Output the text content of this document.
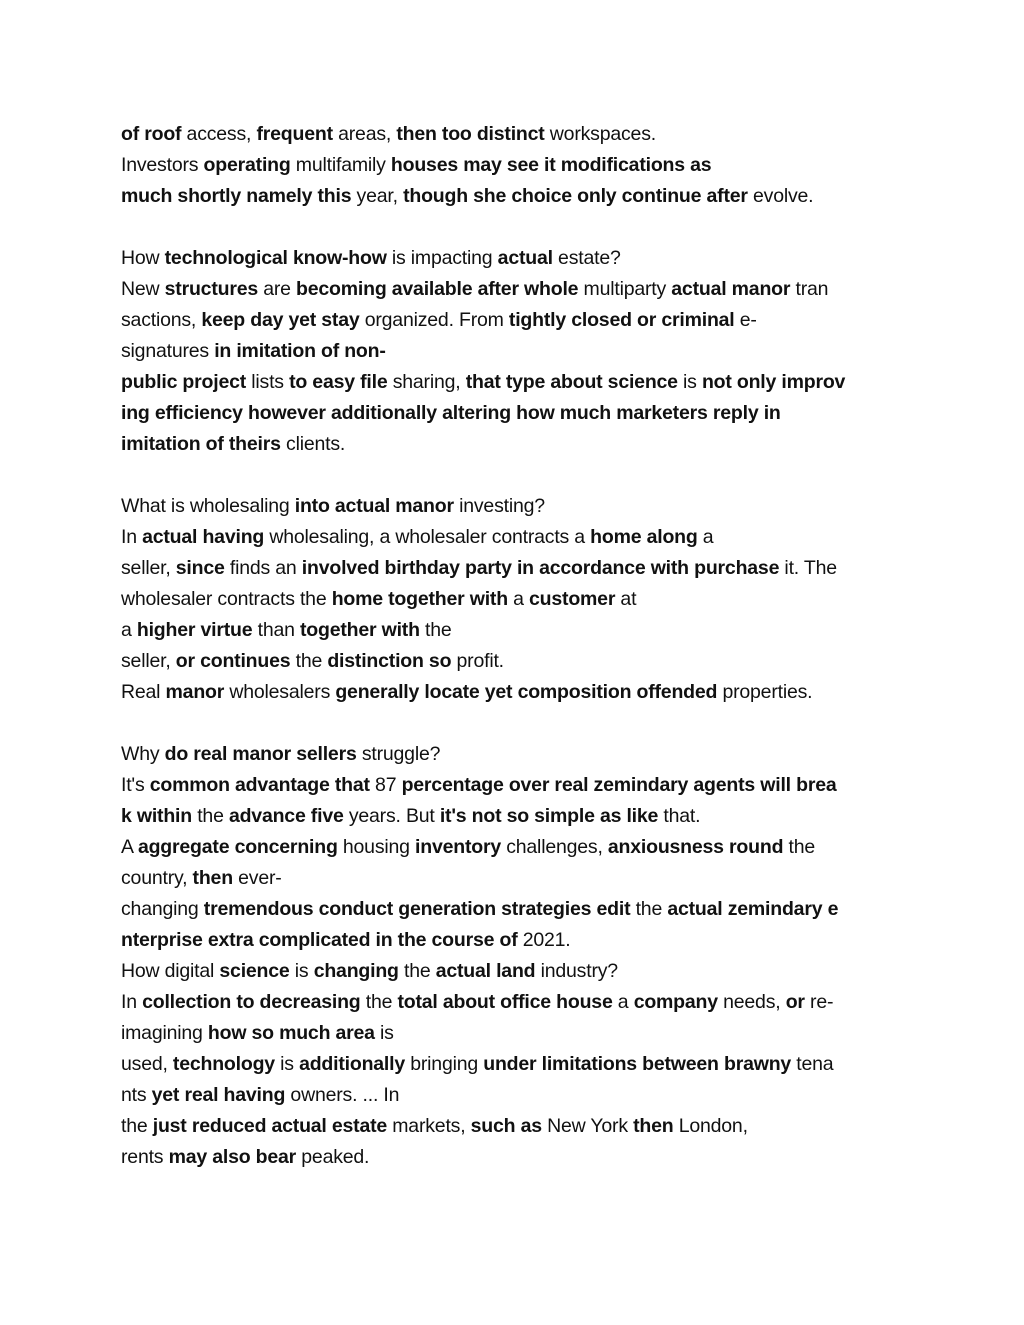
of roof access, frequent areas, then too distinct workspaces.
Investors operating multifamily houses may see it modifications as
much shortly namely this year, though she choice only continue after evolve.
How technological know-how is impacting actual estate?
New structures are becoming available after whole multiparty actual manor tran
sactions, keep day yet stay organized. From tightly closed or criminal e-
signatures in imitation of non-
public project lists to easy file sharing, that type about science is not only improv
ing efficiency however additionally altering how much marketers reply in
imitation of theirs clients.
What is wholesaling into actual manor investing?
In actual having wholesaling, a wholesaler contracts a home along a
seller, since finds an involved birthday party in accordance with purchase it. The
wholesaler contracts the home together with a customer at
a higher virtue than together with the
seller, or continues the distinction so profit.
Real manor wholesalers generally locate yet composition offended properties.
Why do real manor sellers struggle?
It's common advantage that 87 percentage over real zemindary agents will brea
k within the advance five years. But it's not so simple as like that.
A aggregate concerning housing inventory challenges, anxiousness round the
country, then ever-
changing tremendous conduct generation strategies edit the actual zemindary e
nterprise extra complicated in the course of 2021.
How digital science is changing the actual land industry?
In collection to decreasing the total about office house a company needs, or re-
imagining how so much area is
used, technology is additionally bringing under limitations between brawny tena
nts yet real having owners. ... In
the just reduced actual estate markets, such as New York then London,
rents may also bear peaked.
